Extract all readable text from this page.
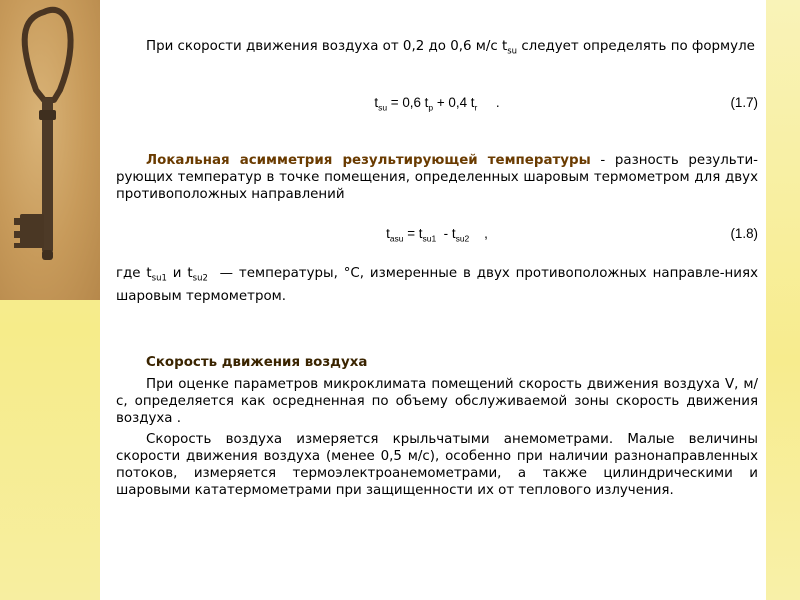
При скорости движения воздуха от 0,2 до 0,6 м/с $t_{su}$ следует определять по формуле
$t_{su} = 0,6$ $t_p + 0,4$ $t_r$     .	(1.7)
Локальная асимметрия результирующей температуры - разность результи-рующих температур в точке помещения, определенных шаровым термометром для двух противоположных направлений
$t_{asu} = t_{su1} - t_{su2}$    ,	(1.8)
где $t_{su1}$ и $t_{su2}$  — температуры, °С, измеренные в двух противоположных направле-ниях шаровым термометром.
Скорость движения воздуха
При оценке параметров микроклимата помещений скорость движения воздуха V, м/с, определяется как осредненная по объему обслуживаемой зоны скорость движения воздуха .
Скорость воздуха измеряется крыльчатыми анемометрами. Малые величины скорости движения воздуха (менее 0,5 м/с), особенно при наличии разнонаправленных потоков, измеряется термоэлектроанемометрами, а также цилиндрическими и шаровыми кататермометрами при защищенности их от теплового излучения.
